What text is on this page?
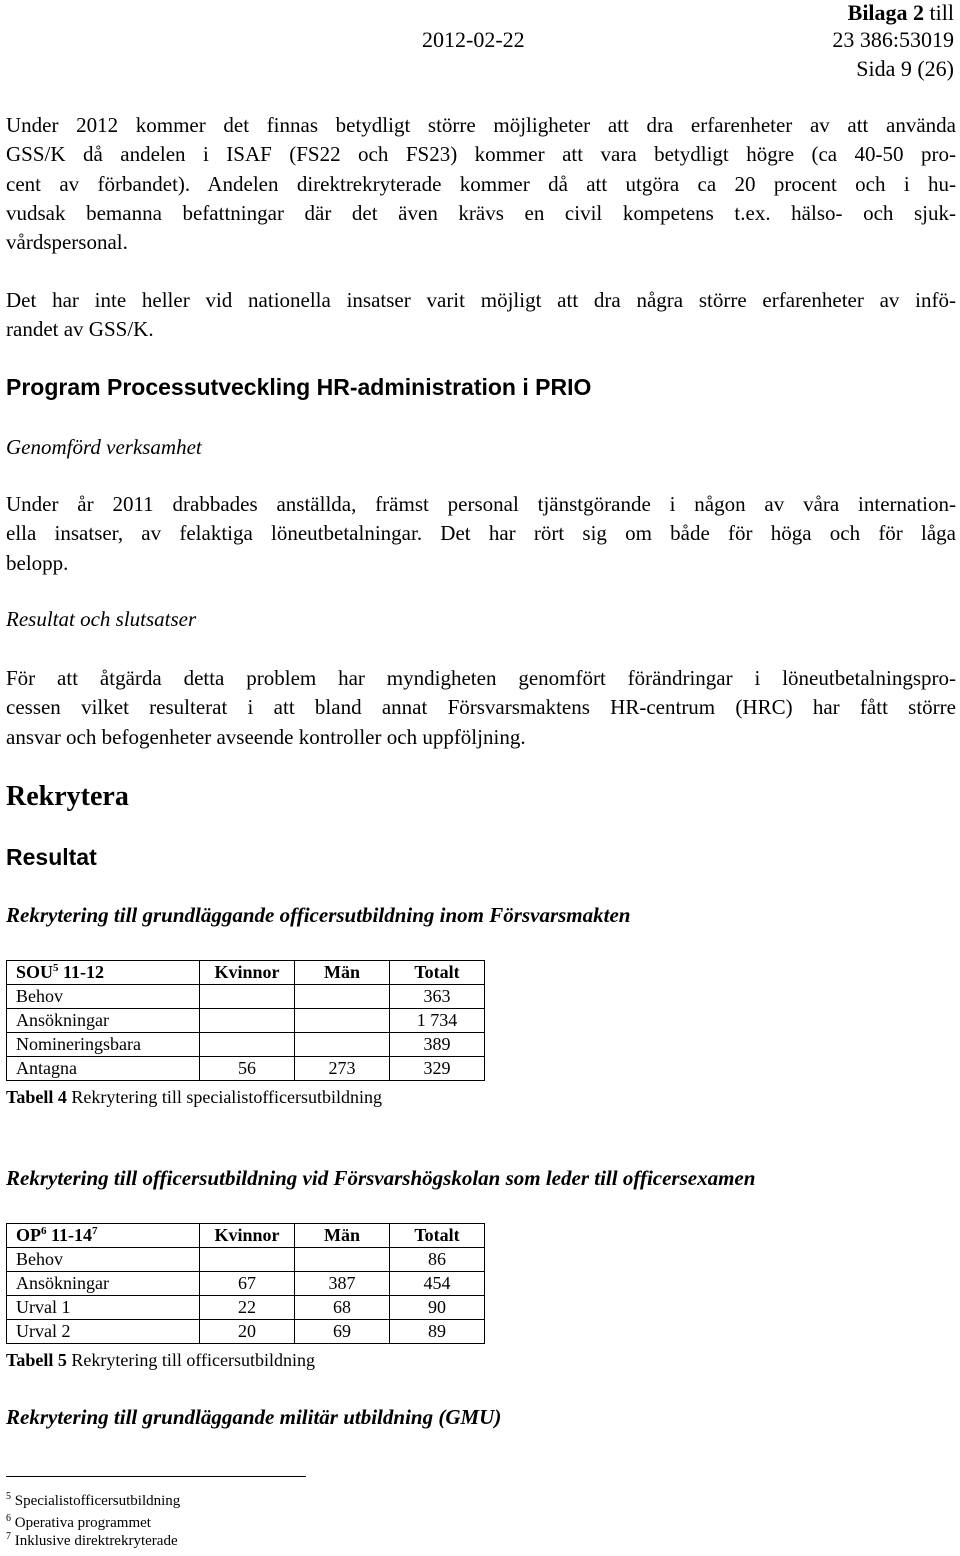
Bilaga 2 till
2012-02-22	23 386:53019
Sida 9 (26)
Under 2012 kommer det finnas betydligt större möjligheter att dra erfarenheter av att använda
GSS/K då andelen i ISAF (FS22 och FS23) kommer att vara betydligt högre (ca 40-50 pro-
cent av förbandet). Andelen direktrekryterade kommer då att utgöra ca 20 procent och i hu-
vudsak bemanna befattningar där det även krävs en civil kompetens t.ex. hälso- och sjuk-
vårdspersonal.
Det har inte heller vid nationella insatser varit möjligt att dra några större erfarenheter av infö-
randet av GSS/K.
Program Processutveckling HR-administration i PRIO
Genomförd verksamhet
Under år 2011 drabbades anställda, främst personal tjänstgörande i någon av våra internation-
ella insatser, av felaktiga löneutbetalningar. Det har rört sig om både för höga och för låga
belopp.
Resultat och slutsatser
För att åtgärda detta problem har myndigheten genomfört förändringar i löneutbetalningspro-
cessen vilket resulterat i att bland annat Försvarsmaktens HR-centrum (HRC) har fått större
ansvar och befogenheter avseende kontroller och uppföljning.
Rekrytera
Resultat
Rekrytering till grundläggande officersutbildning inom Försvarsmakten
SOU$^5$ 11-12	Kvinnor	Män	Totalt
Behov			363
Ansökningar			1 734
Nomineringsbara			389
Antagna	56	273	329
Tabell 4 Rekrytering till specialistofficersutbildning
Rekrytering till officersutbildning vid Försvarshögskolan som leder till officersexamen
$OP^6$ $11-14^7$	Kvinnor	Män	Totalt
Behov			86
Ansökningar	67	387	454
Urval 1	22	68	90
Urval 2	20	69	89
Tabell 5 Rekrytering till officersutbildning
Rekrytering till grundläggande militär utbildning (GMU)
$^5$ Specialistofficersutbildning
$^6$ Operativa programmet
$^7$ Inklusive direktrekryterade
